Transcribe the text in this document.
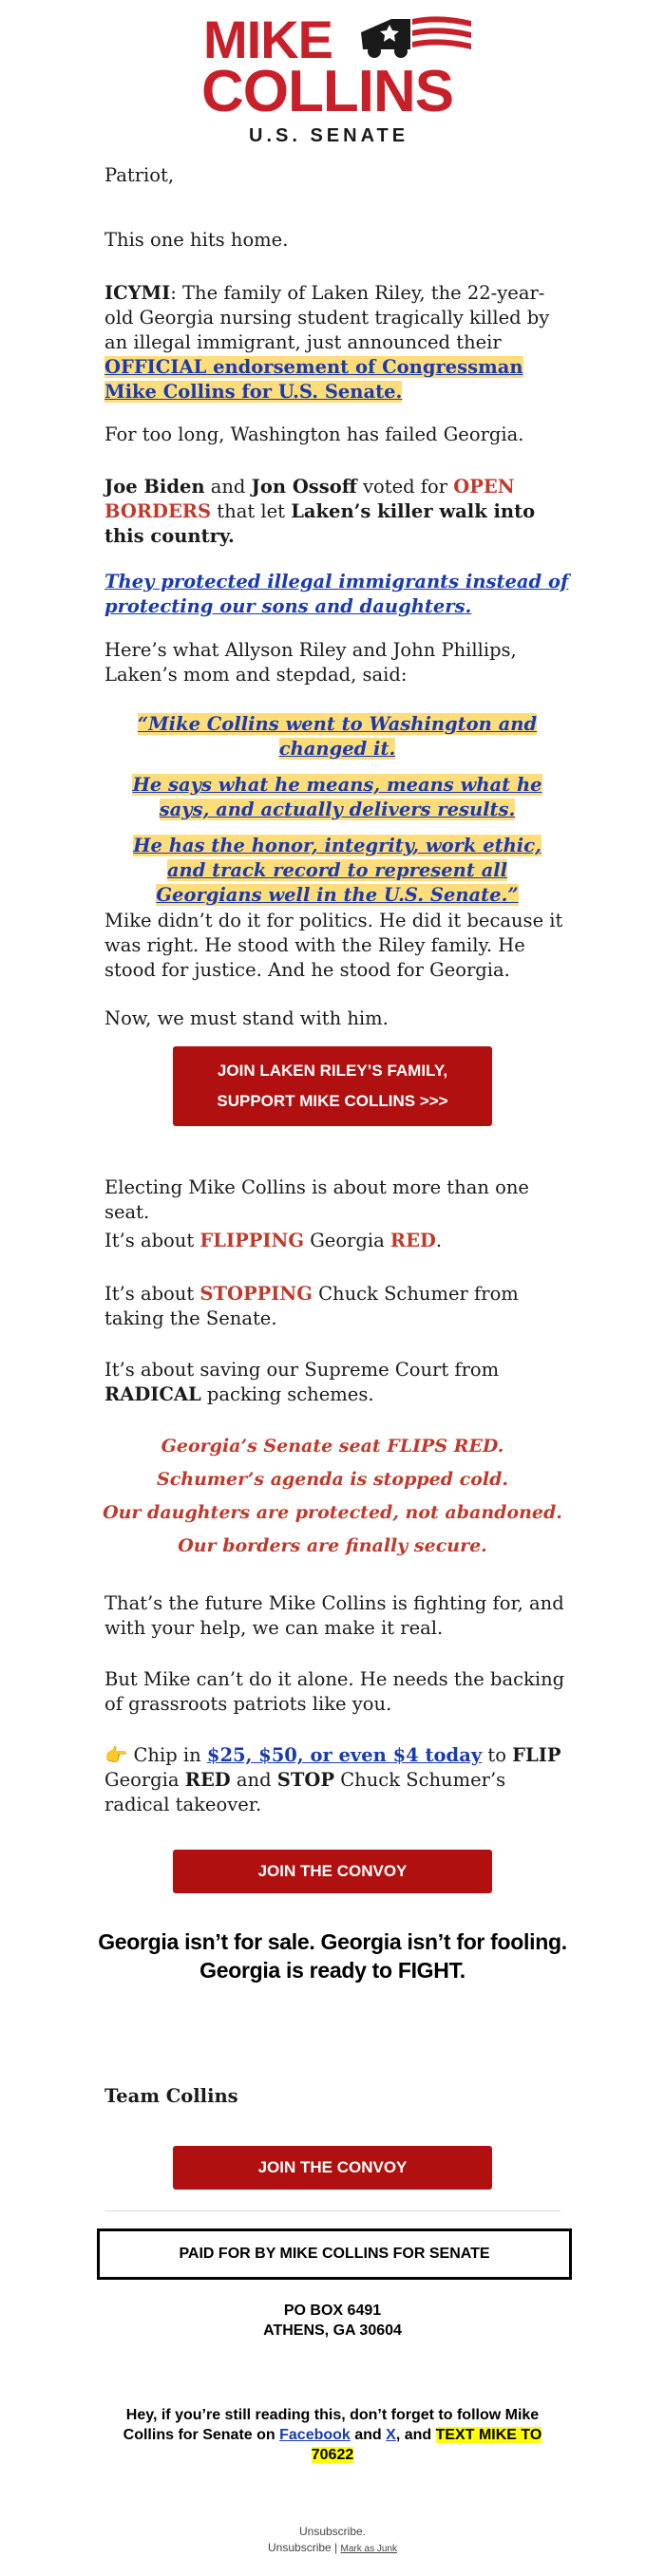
MIKE
COLLINS
U.S. SENATE
Patriot,
This one hits home.
ICYMI: The family of Laken Riley, the 22-year-old Georgia nursing student tragically killed by an illegal immigrant, just announced their OFFICIAL endorsement of Congressman Mike Collins for U.S. Senate.
For too long, Washington has failed Georgia.
Joe Biden and Jon Ossoff voted for OPEN BORDERS that let Laken’s killer walk into this country.
They protected illegal immigrants instead of protecting our sons and daughters.
Here’s what Allyson Riley and John Phillips, Laken’s mom and stepdad, said:
“Mike Collins went to Washington and changed it.
He says what he means, means what he says, and actually delivers results.
He has the honor, integrity, work ethic, and track record to represent all Georgians well in the U.S. Senate.”
Mike didn’t do it for politics. He did it because it was right. He stood with the Riley family. He stood for justice. And he stood for Georgia.
Now, we must stand with him.
JOIN LAKEN RILEY’S FAMILY,
SUPPORT MIKE COLLINS >>>
Electing Mike Collins is about more than one seat.
It’s about FLIPPING Georgia RED.
It’s about STOPPING Chuck Schumer from taking the Senate.
It’s about saving our Supreme Court from RADICAL packing schemes.
Georgia’s Senate seat FLIPS RED.
Schumer’s agenda is stopped cold.
Our daughters are protected, not abandoned.
Our borders are finally secure.
That’s the future Mike Collins is fighting for, and with your help, we can make it real.
But Mike can’t do it alone. He needs the backing of grassroots patriots like you.
👉 Chip in $25, $50, or even $4 today to FLIP Georgia RED and STOP Chuck Schumer’s radical takeover.
JOIN THE CONVOY
Georgia isn’t for sale. Georgia isn’t for fooling.
Georgia is ready to FIGHT.
Team Collins
JOIN THE CONVOY
PAID FOR BY MIKE COLLINS FOR SENATE
PO BOX 6491
ATHENS, GA 30604
Hey, if you’re still reading this, don’t forget to follow Mike Collins for Senate on Facebook and X, and TEXT MIKE TO 70622
Unsubscribe.
Unsubscribe | Mark as Junk
